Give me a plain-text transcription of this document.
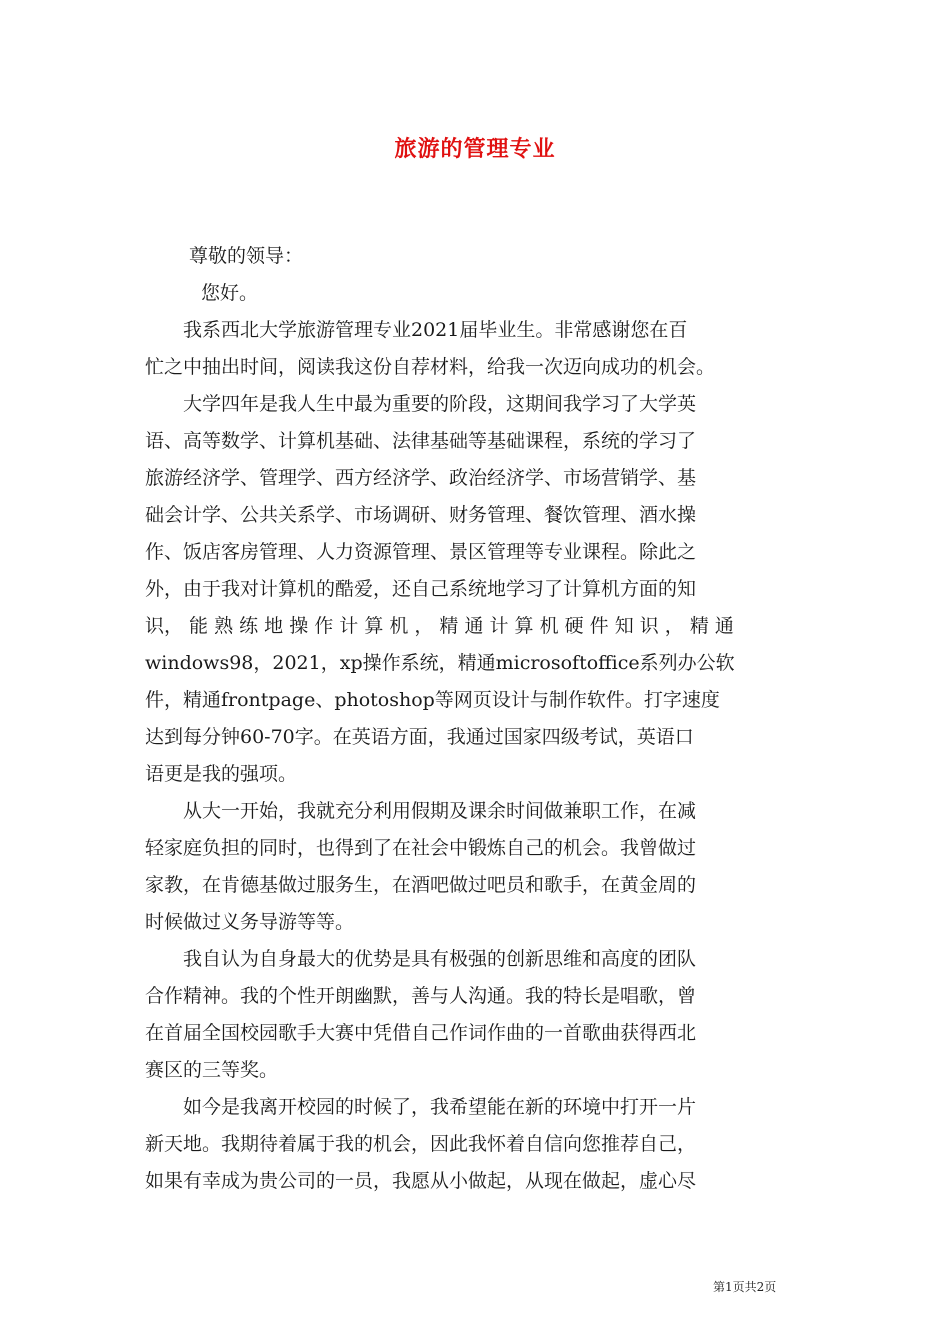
旅游的管理专业

尊敬的领导：

您好。

　　我系西北大学旅游管理专业2021届毕业生。非常感谢您在百

忙之中抽出时间，阅读我这份自荐材料，给我一次迈向成功的机会。

　　大学四年是我人生中最为重要的阶段，这期间我学习了大学英

语、高等数学、计算机基础、法律基础等基础课程，系统的学习了

旅游经济学、管理学、西方经济学、政治经济学、市场营销学、基

础会计学、公共关系学、市场调研、财务管理、餐饮管理、酒水操

作、饭店客房管理、人力资源管理、景区管理等专业课程。除此之

外，由于我对计算机的酷爱，还自己系统地学习了计算机方面的知

识， 能 熟 练 地 操 作 计 算 机 ， 精 通 计 算 机 硬 件 知 识 ， 精 通

windows98，2021，xp操作系统，精通microsoftoffice系列办公软

件，精通frontpage、photoshop等网页设计与制作软件。打字速度

达到每分钟60-70字。在英语方面，我通过国家四级考试，英语口

语更是我的强项。

　　从大一开始，我就充分利用假期及课余时间做兼职工作，在减

轻家庭负担的同时，也得到了在社会中锻炼自己的机会。我曾做过

家教，在肯德基做过服务生，在酒吧做过吧员和歌手，在黄金周的

时候做过义务导游等等。

　　我自认为自身最大的优势是具有极强的创新思维和高度的团队

合作精神。我的个性开朗幽默，善与人沟通。我的特长是唱歌，曾

在首届全国校园歌手大赛中凭借自己作词作曲的一首歌曲获得西北

赛区的三等奖。

　　如今是我离开校园的时候了，我希望能在新的环境中打开一片

新天地。我期待着属于我的机会，因此我怀着自信向您推荐自己，

如果有幸成为贵公司的一员，我愿从小做起，从现在做起，虚心尽

第1页共2页
